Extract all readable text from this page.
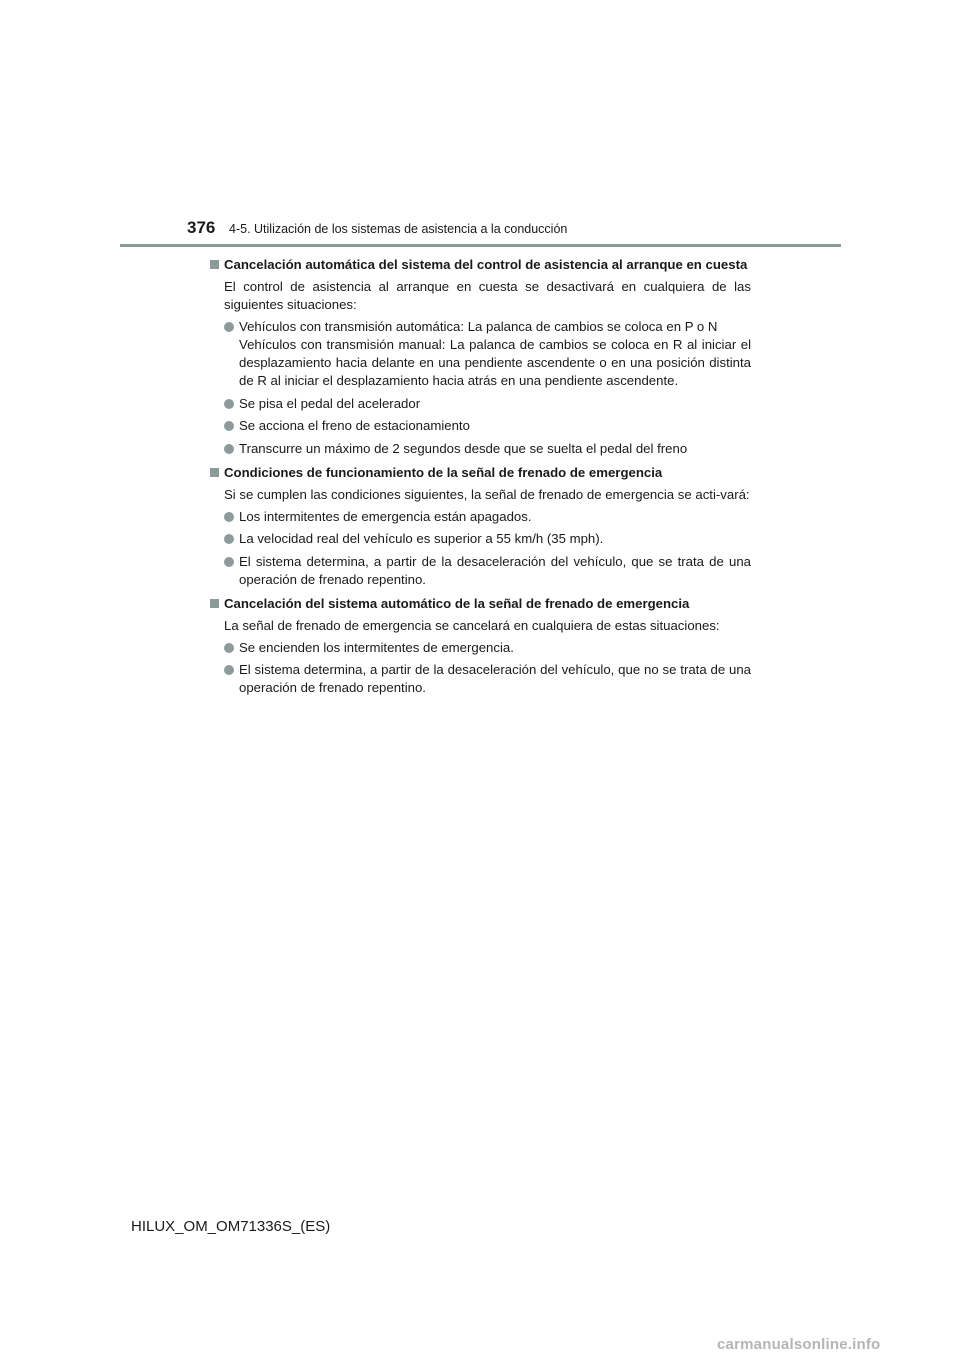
376 4-5. Utilización de los sistemas de asistencia a la conducción
Cancelación automática del sistema del control de asistencia al arranque en cuesta
El control de asistencia al arranque en cuesta se desactivará en cualquiera de las siguientes situaciones:
Vehículos con transmisión automática: La palanca de cambios se coloca en P o N
Vehículos con transmisión manual: La palanca de cambios se coloca en R al iniciar el desplazamiento hacia delante en una pendiente ascendente o en una posición distinta de R al iniciar el desplazamiento hacia atrás en una pendiente ascendente.
Se pisa el pedal del acelerador
Se acciona el freno de estacionamiento
Transcurre un máximo de 2 segundos desde que se suelta el pedal del freno
Condiciones de funcionamiento de la señal de frenado de emergencia
Si se cumplen las condiciones siguientes, la señal de frenado de emergencia se acti-vará:
Los intermitentes de emergencia están apagados.
La velocidad real del vehículo es superior a 55 km/h (35 mph).
El sistema determina, a partir de la desaceleración del vehículo, que se trata de una operación de frenado repentino.
Cancelación del sistema automático de la señal de frenado de emergencia
La señal de frenado de emergencia se cancelará en cualquiera de estas situaciones:
Se encienden los intermitentes de emergencia.
El sistema determina, a partir de la desaceleración del vehículo, que no se trata de una operación de frenado repentino.
HILUX_OM_OM71336S_(ES)
carmanualsonline.info
